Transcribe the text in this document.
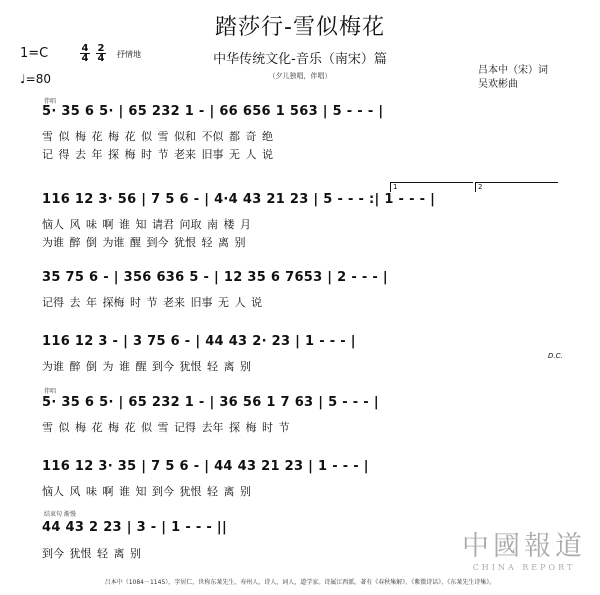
踏莎行-雪似梅花
中华传统文化-音乐（南宋）篇
（夕儿独唱，伴唱）
1=C	4
4
2
4 抒情地
♩=80
吕本中（宋）词
吴欢彬曲
伴唱
5· 35 6 5· | 65 232 1 - | 66 656 1 563 | 5 - - - |
雪 似 梅 花 梅 花 似 雪 似和 不似 都 奇 绝
记 得 去 年 探 梅 时 节 老来 旧事 无 人 说
1	2
116 12 3· 56 | 7 5 6 - | 4·4 43 21 23 | 5 - - - :| 1 - - - |
恼人 风 味 啊 谁 知 请君 问取 南 楼 月
为谁 醉 倒 为谁 醒 到今 犹恨 轻 离 别
35 75 6 - | 356 636 5 - | 12 35 6 7653 | 2 - - - |
记得 去 年 探梅 时 节 老来 旧事 无 人 说
116 12 3 - | 3 75 6 - | 44 43 2· 23 | 1 - - - |
为谁 醉 倒 为 谁 醒 到今 犹恨 轻 离 别
D.C.
伴唱
5· 35 6 5· | 65 232 1 - | 36 56 1 7 63 | 5 - - - |
雪 似 梅 花 梅 花 似 雪 记得 去年 探 梅 时 节
116 12 3· 35 | 7 5 6 - | 44 43 21 23 | 1 - - - |
恼人 风 味 啊 谁 知 到今 犹恨 轻 离 别
结束句 渐慢
44 43 2 23 | 3 - | 1 - - - ||
到今 犹恨 轻 离 别	中國報道
CHINA REPORT
吕本中（1084－1145），字居仁，世称东莱先生，寿州人，诗人，词人，道学家。诗属江西派。著有《春秋集解》、《紫微诗话》、《东莱先生诗集》。
